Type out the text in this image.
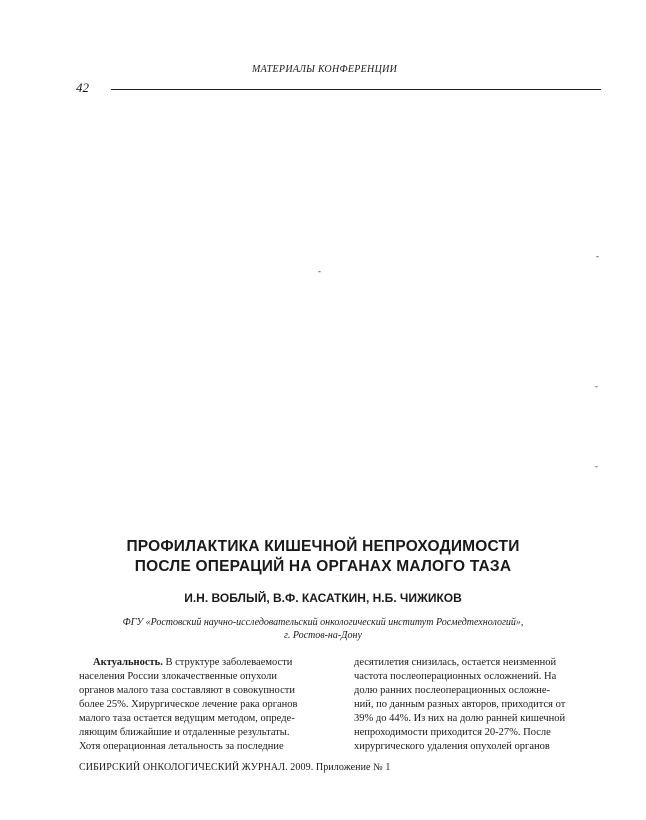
МАТЕРИАЛЫ КОНФЕРЕНЦИИ
42
-
-
-
-
ПРОФИЛАКТИКА КИШЕЧНОЙ НЕПРОХОДИМОСТИ
ПОСЛЕ ОПЕРАЦИЙ НА ОРГАНАХ МАЛОГО ТАЗА
И.Н. ВОБЛЫЙ, В.Ф. КАСАТКИН, Н.Б. ЧИЖИКОВ
ФГУ «Ростовский научно-исследовательский онкологический институт Росмедтехнологий»,
г. Ростов-на-Дону
Актуальность. В структуре заболеваемости
населения России злокачественные опухоли
органов малого таза составляют в совокупности
более 25%. Хирургическое лечение рака органов
малого таза остается ведущим методом, опреде-
ляющим ближайшие и отдаленные результаты.
Хотя операционная летальность за последние
десятилетия снизилась, остается неизменной
частота послеоперационных осложнений. На
долю ранних послеоперационных осложне-
ний, по данным разных авторов, приходится от
39% до 44%. Из них на долю ранней кишечной
непроходимости приходится 20-27%. После
хирургического удаления опухолей органов
СИБИРСКИЙ ОНКОЛОГИЧЕСКИЙ ЖУРНАЛ. 2009. Приложение № 1
